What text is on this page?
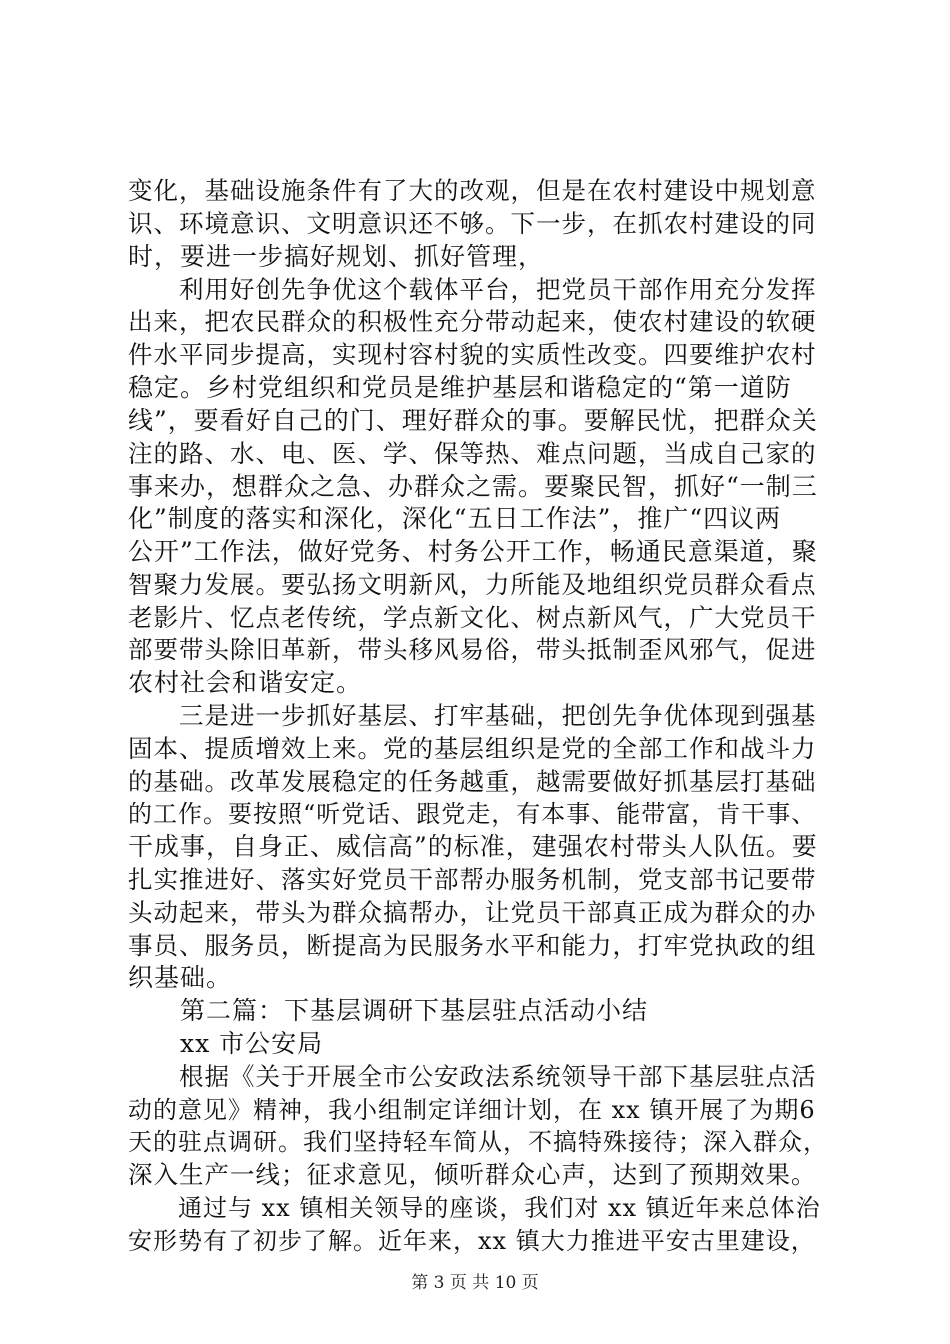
变化，基础设施条件有了大的改观，但是在农村建设中规划意
识、环境意识、文明意识还不够。下一步，在抓农村建设的同
时，要进一步搞好规划、抓好管理，
　　利用好创先争优这个载体平台，把党员干部作用充分发挥
出来，把农民群众的积极性充分带动起来，使农村建设的软硬
件水平同步提高，实现村容村貌的实质性改变。四要维护农村
稳定。乡村党组织和党员是维护基层和谐稳定的“第一道防
线”，要看好自己的门、理好群众的事。要解民忧，把群众关
注的路、水、电、医、学、保等热、难点问题，当成自己家的
事来办，想群众之急、办群众之需。要聚民智，抓好“一制三
化”制度的落实和深化，深化“五日工作法”，推广“四议两
公开”工作法，做好党务、村务公开工作，畅通民意渠道，聚
智聚力发展。要弘扬文明新风，力所能及地组织党员群众看点
老影片、忆点老传统，学点新文化、树点新风气，广大党员干
部要带头除旧革新，带头移风易俗，带头抵制歪风邪气，促进
农村社会和谐安定。
　　三是进一步抓好基层、打牢基础，把创先争优体现到强基
固本、提质增效上来。党的基层组织是党的全部工作和战斗力
的基础。改革发展稳定的任务越重，越需要做好抓基层打基础
的工作。要按照“听党话、跟党走，有本事、能带富，肯干事、
干成事，自身正、威信高”的标准，建强农村带头人队伍。要
扎实推进好、落实好党员干部帮办服务机制，党支部书记要带
头动起来，带头为群众搞帮办，让党员干部真正成为群众的办
事员、服务员，断提高为民服务水平和能力，打牢党执政的组
织基础。
　　第二篇：下基层调研下基层驻点活动小结
　　xx 市公安局
　　根据《关于开展全市公安政法系统领导干部下基层驻点活
动的意见》精神，我小组制定详细计划，在 xx 镇开展了为期6
天的驻点调研。我们坚持轻车简从，不搞特殊接待；深入群众，
深入生产一线；征求意见，倾听群众心声，达到了预期效果。
　　通过与 xx 镇相关领导的座谈，我们对 xx 镇近年来总体治
安形势有了初步了解。近年来，xx 镇大力推进平安古里建设，
第 3 页 共 10 页
